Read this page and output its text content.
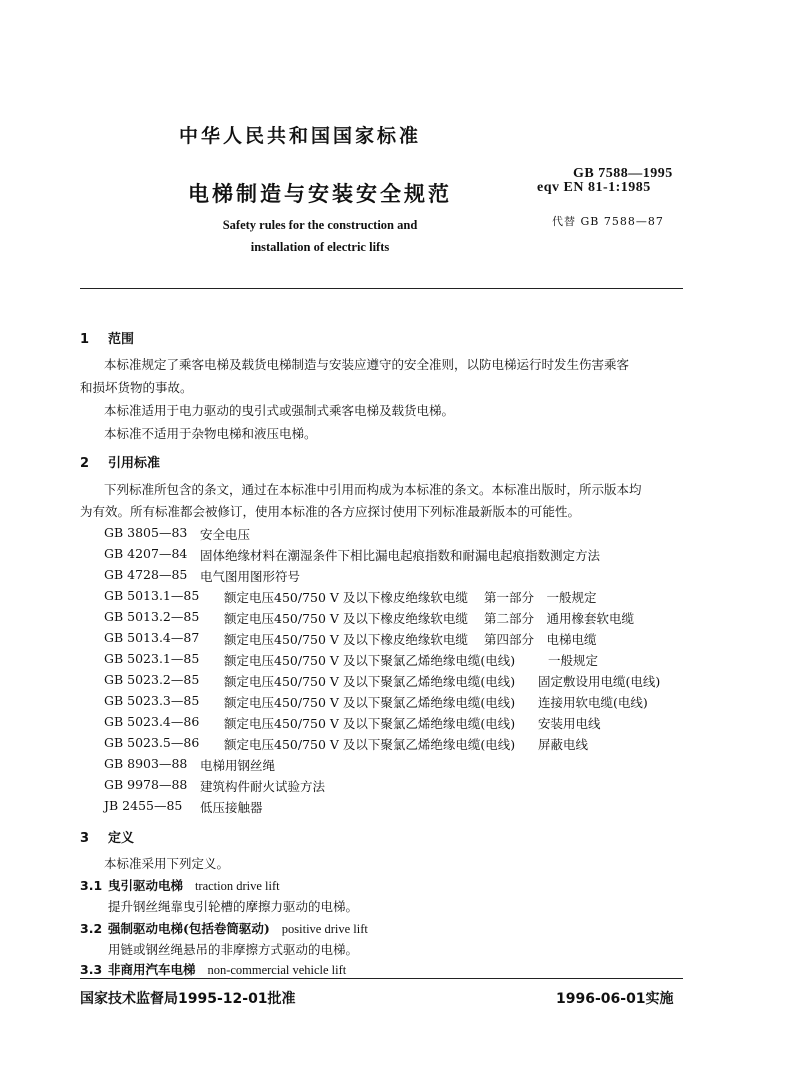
中华人民共和国国家标准
电梯制造与安装安全规范
Safety rules for the construction and
installation of electric lifts
GB 7588—1995
eqv EN 81-1:1985
代替 GB 7588—87
1 范围
本标准规定了乘客电梯及载货电梯制造与安装应遵守的安全准则，以防电梯运行时发生伤害乘客
和损坏货物的事故。
本标准适用于电力驱动的曳引式或强制式乘客电梯及载货电梯。
本标准不适用于杂物电梯和液压电梯。
2 引用标准
下列标准所包含的条文，通过在本标准中引用而构成为本标准的条文。本标准出版时，所示版本均
为有效。所有标准都会被修订，使用本标准的各方应探讨使用下列标准最新版本的可能性。
GB 3805—83 安全电压
GB 4207—84 固体绝缘材料在潮湿条件下相比漏电起痕指数和耐漏电起痕指数测定方法
GB 4728—85 电气图用图形符号
GB 5013.1—85 额定电压450/750 V 及以下橡皮绝缘软电缆 第一部分　一般规定
GB 5013.2—85 额定电压450/750 V 及以下橡皮绝缘软电缆 第二部分　通用橡套软电缆
GB 5013.4—87 额定电压450/750 V 及以下橡皮绝缘软电缆 第四部分　电梯电缆
GB 5023.1—85 额定电压450/750 V 及以下聚氯乙烯绝缘电缆(电线)	一般规定
GB 5023.2—85 额定电压450/750 V 及以下聚氯乙烯绝缘电缆(电线) 固定敷设用电缆(电线)
GB 5023.3—85 额定电压450/750 V 及以下聚氯乙烯绝缘电缆(电线) 连接用软电缆(电线)
GB 5023.4—86 额定电压450/750 V 及以下聚氯乙烯绝缘电缆(电线) 安装用电线
GB 5023.5—86 额定电压450/750 V 及以下聚氯乙烯绝缘电缆(电线) 屏蔽电线
GB 8903—88 电梯用钢丝绳
GB 9978—88 建筑构件耐火试验方法
JB 2455—85 低压接触器
3 定义
本标准采用下列定义。
3.1 曳引驱动电梯 traction drive lift
提升钢丝绳靠曳引轮槽的摩擦力驱动的电梯。
3.2 强制驱动电梯(包括卷筒驱动) positive drive lift
用链或钢丝绳悬吊的非摩擦方式驱动的电梯。
3.3 非商用汽车电梯 non-commercial vehicle lift
国家技术监督局1995-12-01批准	1996-06-01实施
